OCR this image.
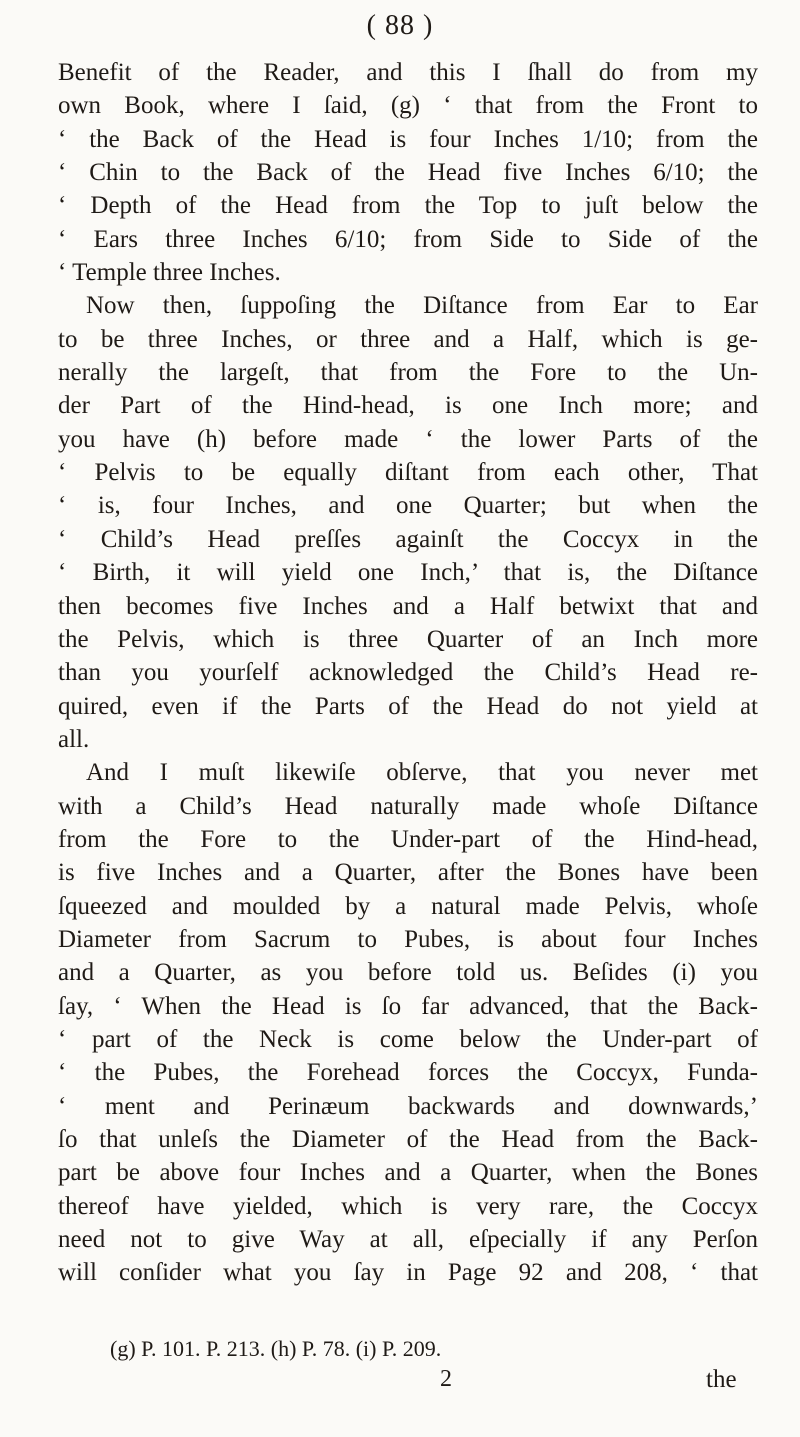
( 88 )
Benefit of the Reader, and this I ſhall do from my
own Book, where I ſaid, (g) ‘ that from the Front to
‘ the Back of the Head is four Inches 1/10; from the
‘ Chin to the Back of the Head five Inches 6/10; the
‘ Depth of the Head from the Top to juſt below the
‘ Ears three Inches 6/10; from Side to Side of the
‘ Temple three Inches.
Now then, ſuppoſing the Diſtance from Ear to Ear
to be three Inches, or three and a Half, which is ge-
nerally the largeſt, that from the Fore to the Un-
der Part of the Hind-head, is one Inch more; and
you have (h) before made ‘ the lower Parts of the
‘ Pelvis to be equally diſtant from each other, That
‘ is, four Inches, and one Quarter; but when the
‘ Child’s Head preſſes againſt the Coccyx in the
‘ Birth, it will yield one Inch,’ that is, the Diſtance
then becomes five Inches and a Half betwixt that and
the Pelvis, which is three Quarter of an Inch more
than you yourſelf acknowledged the Child’s Head re-
quired, even if the Parts of the Head do not yield at
all.
And I muſt likewiſe obſerve, that you never met
with a Child’s Head naturally made whoſe Diſtance
from the Fore to the Under-part of the Hind-head,
is five Inches and a Quarter, after the Bones have been
ſqueezed and moulded by a natural made Pelvis, whoſe
Diameter from Sacrum to Pubes, is about four Inches
and a Quarter, as you before told us. Beſides (i) you
ſay, ‘ When the Head is ſo far advanced, that the Back-
‘ part of the Neck is come below the Under-part of
‘ the Pubes, the Forehead forces the Coccyx, Funda-
‘ ment and Perinæum backwards and downwards,’
ſo that unleſs the Diameter of the Head from the Back-
part be above four Inches and a Quarter, when the Bones
thereof have yielded, which is very rare, the Coccyx
need not to give Way at all, eſpecially if any Perſon
will conſider what you ſay in Page 92 and 208, ‘ that
(g) P. 101. P. 213. (h) P. 78. (i) P. 209.
2	the
